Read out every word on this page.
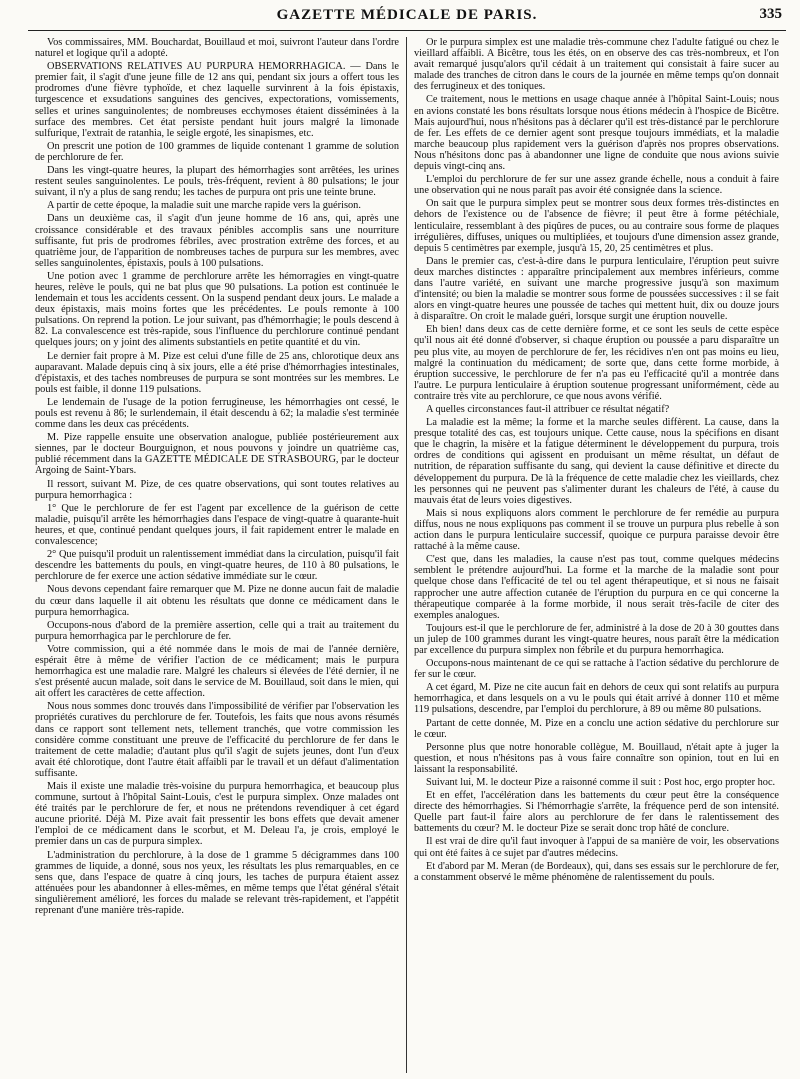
GAZETTE MÉDICALE DE PARIS.	335

Vos commissaires, MM. Bouchardat, Bouillaud et moi, suivront l'auteur dans l'ordre naturel et logique qu'il a adopté.

OBSERVATIONS RELATIVES AU PURPURA HEMORRHAGICA. — Dans le premier fait, il s'agit d'une jeune fille de 12 ans qui, pendant six jours a offert tous les prodromes d'une fièvre typhoïde, et chez laquelle survinrent à la fois épistaxis, turgescence et exsudations sanguines des gencives, expectorations, vomissements, selles et urines sanguinolentes; de nombreuses ecchymoses étaient disséminées à la surface des membres. Cet état persiste pendant huit jours malgré la limonade sulfurique, l'extrait de ratanhia, le seigle ergoté, les sinapismes, etc.

On prescrit une potion de 100 grammes de liquide contenant 1 gramme de solution de perchlorure de fer.

Dans les vingt-quatre heures, la plupart des hémorrhagies sont arrêtées, les urines restent seules sanguinolentes. Le pouls, très-fréquent, revient à 80 pulsations; le jour suivant, il n'y a plus de sang rendu; les taches de purpura ont pris une teinte brune.

A partir de cette époque, la maladie suit une marche rapide vers la guérison.

Dans un deuxième cas, il s'agit d'un jeune homme de 16 ans, qui, après une croissance considérable et des travaux pénibles accomplis sans une nourriture suffisante, fut pris de prodromes fébriles, avec prostration extrême des forces, et au quatrième jour, de l'apparition de nombreuses taches de purpura sur les membres, avec selles sanguinolentes, épistaxis, pouls à 100 pulsations.

Une potion avec 1 gramme de perchlorure arrête les hémorragies en vingt-quatre heures, relève le pouls, qui ne bat plus que 90 pulsations. La potion est continuée le lendemain et tous les accidents cessent. On la suspend pendant deux jours. Le malade a deux épistaxis, mais moins fortes que les précédentes. Le pouls remonte à 100 pulsations. On reprend la potion. Le jour suivant, pas d'hémorrhagie; le pouls descend à 82. La convalescence est très-rapide, sous l'influence du perchlorure continué pendant quelques jours; on y joint des aliments substantiels en petite quantité et du vin.

Le dernier fait propre à M. Pize est celui d'une fille de 25 ans, chlorotique deux ans auparavant. Malade depuis cinq à six jours, elle a été prise d'hémorrhagies intestinales, d'épistaxis, et des taches nombreuses de purpura se sont montrées sur les membres. Le pouls est faible, il donne 119 pulsations.

Le lendemain de l'usage de la potion ferrugineuse, les hémorrhagies ont cessé, le pouls est revenu à 86; le surlendemain, il était descendu à 62; la maladie s'est terminée comme dans les deux cas précédents.

M. Pize rappelle ensuite une observation analogue, publiée postérieurement aux siennes, par le docteur Bourguignon, et nous pouvons y joindre un quatrième cas, publié récemment dans la GAZETTE MÉDICALE DE STRASBOURG, par le docteur Argoing de Saint-Ybars.

Il ressort, suivant M. Pize, de ces quatre observations, qui sont toutes relatives au purpura hemorrhagica :

1° Que le perchlorure de fer est l'agent par excellence de la guérison de cette maladie, puisqu'il arrête les hémorrhagies dans l'espace de vingt-quatre à quarante-huit heures, et que, continué pendant quelques jours, il fait rapidement entrer le malade en convalescence;

2° Que puisqu'il produit un ralentissement immédiat dans la circulation, puisqu'il fait descendre les battements du pouls, en vingt-quatre heures, de 110 à 80 pulsations, le perchlorure de fer exerce une action sédative immédiate sur le cœur.

Nous devons cependant faire remarquer que M. Pize ne donne aucun fait de maladie du cœur dans laquelle il ait obtenu les résultats que donne ce médicament dans le purpura hemorrhagica.

Occupons-nous d'abord de la première assertion, celle qui a trait au traitement du purpura hemorrhagica par le perchlorure de fer.

Votre commission, qui a été nommée dans le mois de mai de l'année dernière, espérait être à même de vérifier l'action de ce médicament; mais le purpura hemorrhagica est une maladie rare. Malgré les chaleurs si élevées de l'été dernier, il ne s'est présenté aucun malade, soit dans le service de M. Bouillaud, soit dans le mien, qui ait offert les caractères de cette affection.

Nous nous sommes donc trouvés dans l'impossibilité de vérifier par l'observation les propriétés curatives du perchlorure de fer. Toutefois, les faits que nous avons résumés dans ce rapport sont tellement nets, tellement tranchés, que votre commission les considère comme constituant une preuve de l'efficacité du perchlorure de fer dans le traitement de cette maladie; d'autant plus qu'il s'agit de sujets jeunes, dont l'un d'eux avait été chlorotique, dont l'autre était affaibli par le travail et un défaut d'alimentation suffisante.

Mais il existe une maladie très-voisine du purpura hemorrhagica, et beaucoup plus commune, surtout à l'hôpital Saint-Louis, c'est le purpura simplex. Onze malades ont été traités par le perchlorure de fer, et nous ne prétendons revendiquer à cet égard aucune priorité. Déjà M. Pize avait fait pressentir les bons effets que devait amener l'emploi de ce médicament dans le scorbut, et M. Deleau l'a, je crois, employé le premier dans un cas de purpura simplex.

L'administration du perchlorure, à la dose de 1 gramme 5 décigrammes dans 100 grammes de liquide, a donné, sous nos yeux, les résultats les plus remarquables, en ce sens que, dans l'espace de quatre à cinq jours, les taches de purpura étaient assez atténuées pour les abandonner à elles-mêmes, en même temps que l'état général s'était singulièrement amélioré, les forces du malade se relevant très-rapidement, et l'appétit reprenant d'une manière très-rapide.

Or le purpura simplex est une maladie très-commune chez l'adulte fatigué ou chez le vieillard affaibli. A Bicêtre, tous les étés, on en observe des cas très-nombreux, et l'on avait remarqué jusqu'alors qu'il cédait à un traitement qui consistait à faire sucer au malade des tranches de citron dans le cours de la journée en même temps qu'on donnait des ferrugineux et des toniques.

Ce traitement, nous le mettions en usage chaque année à l'hôpital Saint-Louis; nous en avions constaté les bons résultats lorsque nous étions médecin à l'hospice de Bicêtre. Mais aujourd'hui, nous n'hésitons pas à déclarer qu'il est très-distancé par le perchlorure de fer. Les effets de ce dernier agent sont presque toujours immédiats, et la maladie marche beaucoup plus rapidement vers la guérison d'après nos propres observations. Nous n'hésitons donc pas à abandonner une ligne de conduite que nous avions suivie depuis vingt-cinq ans.

L'emploi du perchlorure de fer sur une assez grande échelle, nous a conduit à faire une observation qui ne nous paraît pas avoir été consignée dans la science.

On sait que le purpura simplex peut se montrer sous deux formes très-distinctes en dehors de l'existence ou de l'absence de fièvre; il peut être à forme pétéchiale, lenticulaire, ressemblant à des piqûres de puces, ou au contraire sous forme de plaques irrégulières, diffuses, uniques ou multipliées, et toujours d'une dimension assez grande, depuis 5 centimètres par exemple, jusqu'à 15, 20, 25 centimètres et plus.

Dans le premier cas, c'est-à-dire dans le purpura lenticulaire, l'éruption peut suivre deux marches distinctes : apparaître principalement aux membres inférieurs, comme dans l'autre variété, en suivant une marche progressive jusqu'à son maximum d'intensité; ou bien la maladie se montrer sous forme de poussées successives : il se fait alors en vingt-quatre heures une poussée de taches qui mettent huit, dix ou douze jours à disparaître. On croit le malade guéri, lorsque surgit une éruption nouvelle.

Eh bien! dans deux cas de cette dernière forme, et ce sont les seuls de cette espèce qu'il nous ait été donné d'observer, si chaque éruption ou poussée a paru disparaître un peu plus vite, au moyen de perchlorure de fer, les récidives n'en ont pas moins eu lieu, malgré la continuation du médicament; de sorte que, dans cette forme morbide, à éruption successive, le perchlorure de fer n'a pas eu l'efficacité qu'il a montrée dans l'autre. Le purpura lenticulaire à éruption soutenue progressant uniformément, cède au contraire très vite au perchlorure, ce que nous avons vérifié.

A quelles circonstances faut-il attribuer ce résultat négatif?

La maladie est la même; la forme et la marche seules diffèrent. La cause, dans la presque totalité des cas, est toujours unique. Cette cause, nous la spécifions en disant que le chagrin, la misère et la fatigue déterminent le développement du purpura, trois ordres de conditions qui agissent en produisant un même résultat, un défaut de nutrition, de réparation suffisante du sang, qui devient la cause définitive et directe du développement du purpura. De là la fréquence de cette maladie chez les vieillards, chez les personnes qui ne peuvent pas s'alimenter durant les chaleurs de l'été, à cause du mauvais état de leurs voies digestives.

Mais si nous expliquons alors comment le perchlorure de fer remédie au purpura diffus, nous ne nous expliquons pas comment il se trouve un purpura plus rebelle à son action dans le purpura lenticulaire successif, quoique ce purpura paraisse devoir être rattaché à la même cause.

C'est que, dans les maladies, la cause n'est pas tout, comme quelques médecins semblent le prétendre aujourd'hui. La forme et la marche de la maladie sont pour quelque chose dans l'efficacité de tel ou tel agent thérapeutique, et si nous ne faisait rapprocher une autre affection cutanée de l'éruption du purpura en ce qui concerne la thérapeutique comparée à la forme morbide, il nous serait très-facile de citer des exemples analogues.

Toujours est-il que le perchlorure de fer, administré à la dose de 20 à 30 gouttes dans un julep de 100 grammes durant les vingt-quatre heures, nous paraît être la médication par excellence du purpura simplex non fébrile et du purpura hemorrhagica.

Occupons-nous maintenant de ce qui se rattache à l'action sédative du perchlorure de fer sur le cœur.

A cet égard, M. Pize ne cite aucun fait en dehors de ceux qui sont relatifs au purpura hemorrhagica, et dans lesquels on a vu le pouls qui était arrivé à donner 110 et même 119 pulsations, descendre, par l'emploi du perchlorure, à 89 ou même 80 pulsations.

Partant de cette donnée, M. Pize en a conclu une action sédative du perchlorure sur le cœur.

Personne plus que notre honorable collègue, M. Bouillaud, n'était apte à juger la question, et nous n'hésitons pas à vous faire connaître son opinion, tout en lui en laissant la responsabilité.

Suivant lui, M. le docteur Pize a raisonné comme il suit : Post hoc, ergo propter hoc.

Et en effet, l'accélération dans les battements du cœur peut être la conséquence directe des hémorrhagies. Si l'hémorrhagie s'arrête, la fréquence perd de son intensité. Quelle part faut-il faire alors au perchlorure de fer dans le ralentissement des battements du cœur? M. le docteur Pize se serait donc trop hâté de conclure.

Il est vrai de dire qu'il faut invoquer à l'appui de sa manière de voir, les observations qui ont été faites à ce sujet par d'autres médecins.

Et d'abord par M. Meran (de Bordeaux), qui, dans ses essais sur le perchlorure de fer, a constamment observé le même phénomène de ralentissement du pouls.
